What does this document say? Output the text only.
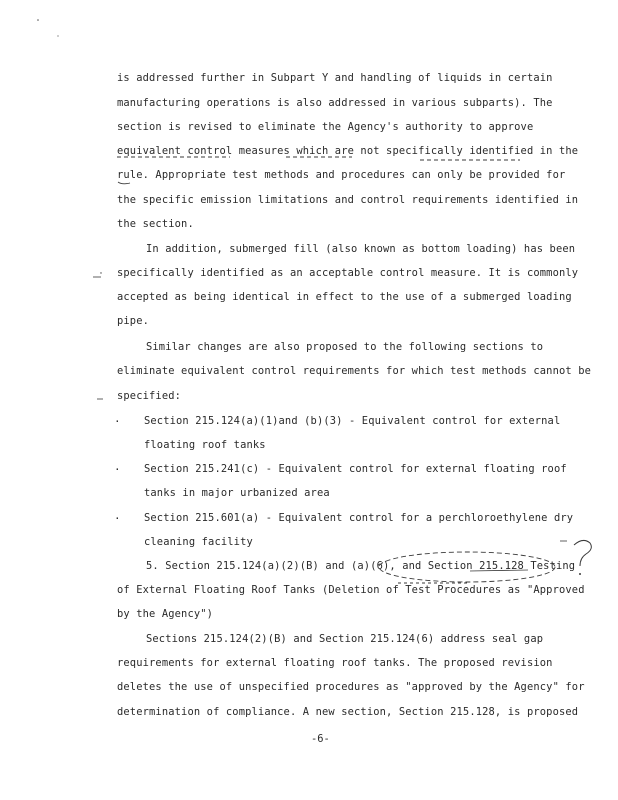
is addressed further in Subpart Y and handling of liquids in certain
manufacturing operations is also addressed in various subparts). The
section is revised to eliminate the Agency's authority to approve
equivalent control measures which are not specifically identified in the
rule. Appropriate test methods and procedures can only be provided for
the specific emission limitations and control requirements identified in
the section.
In addition, submerged fill (also known as bottom loading) has been
specifically identified as an acceptable control measure. It is commonly
accepted as being identical in effect to the use of a submerged loading
pipe.
Similar changes are also proposed to the following sections to
eliminate equivalent control requirements for which test methods cannot be
specified:
. Section 215.124(a)(1)and (b)(3) - Equivalent control for external
floating roof tanks
. Section 215.241(c) - Equivalent control for external floating roof
tanks in major urbanized area
. Section 215.601(a) - Equivalent control for a perchloroethylene dry
cleaning facility
5. Section 215.124(a)(2)(B) and (a)(6), and Section 215.128 Testing
of External Floating Roof Tanks (Deletion of Test Procedures as "Approved
by the Agency")
Sections 215.124(2)(B) and Section 215.124(6) address seal gap
requirements for external floating roof tanks. The proposed revision
deletes the use of unspecified procedures as "approved by the Agency" for
determination of compliance. A new section, Section 215.128, is proposed
-6-
